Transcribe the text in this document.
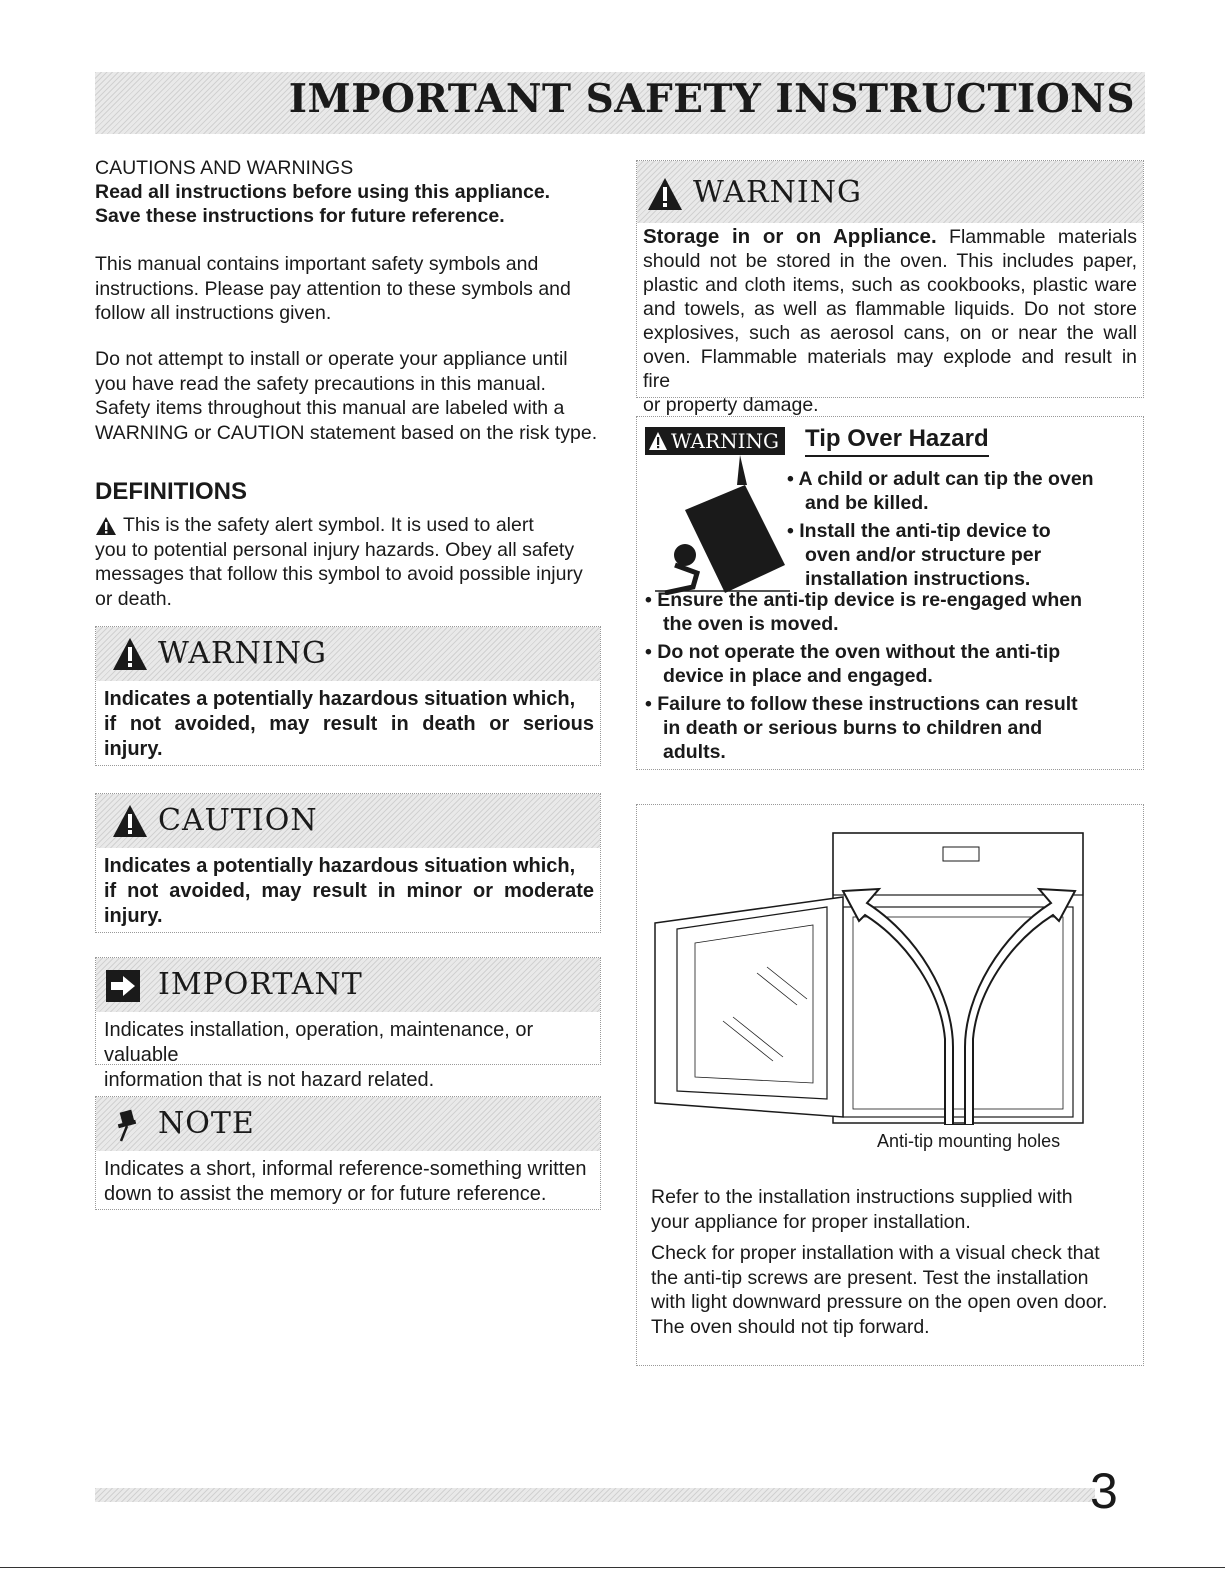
IMPORTANT SAFETY INSTRUCTIONS
CAUTIONS AND WARNINGS
Read all instructions before using this appliance.
Save these instructions for future reference.
This manual contains important safety symbols and
instructions. Please pay attention to these symbols and
follow all instructions given.
Do not attempt to install or operate your appliance until
you have read the safety precautions in this manual.
Safety items throughout this manual are labeled with a
WARNING or CAUTION statement based on the risk type.
DEFINITIONS
This is the safety alert symbol. It is used to alert
you to potential personal injury hazards. Obey all safety
messages that follow this symbol to avoid possible injury
or death.
WARNING
Indicates a potentially hazardous situation which,
if not avoided, may result in death or serious
injury.
CAUTION
Indicates a potentially hazardous situation which,
if not avoided, may result in minor or moderate
injury.
IMPORTANT
Indicates installation, operation, maintenance, or valuable
information that is not hazard related.
NOTE
Indicates a short, informal reference-something written
down to assist the memory or for future reference.
WARNING
Storage in or on Appliance. Flammable materials
should not be stored in the oven. This includes paper,
plastic and cloth items, such as cookbooks, plastic ware
and towels, as well as flammable liquids. Do not store
explosives, such as aerosol cans, on or near the wall
oven. Flammable materials may explode and result in fire
or property damage.
WARNING Tip Over Hazard
• A child or adult can tip the oven
and be killed.
• Install the anti-tip device to
oven and/or structure per
installation instructions.
• Ensure the anti-tip device is re-engaged when
the oven is moved.
• Do not operate the oven without the anti-tip
device in place and engaged.
• Failure to follow these instructions can result
in death or serious burns to children and
adults.
Anti-tip mounting holes
Refer to the installation instructions supplied with
your appliance for proper installation.
Check for proper installation with a visual check that
the anti-tip screws are present. Test the installation
with light downward pressure on the open oven door.
The oven should not tip forward.
3
